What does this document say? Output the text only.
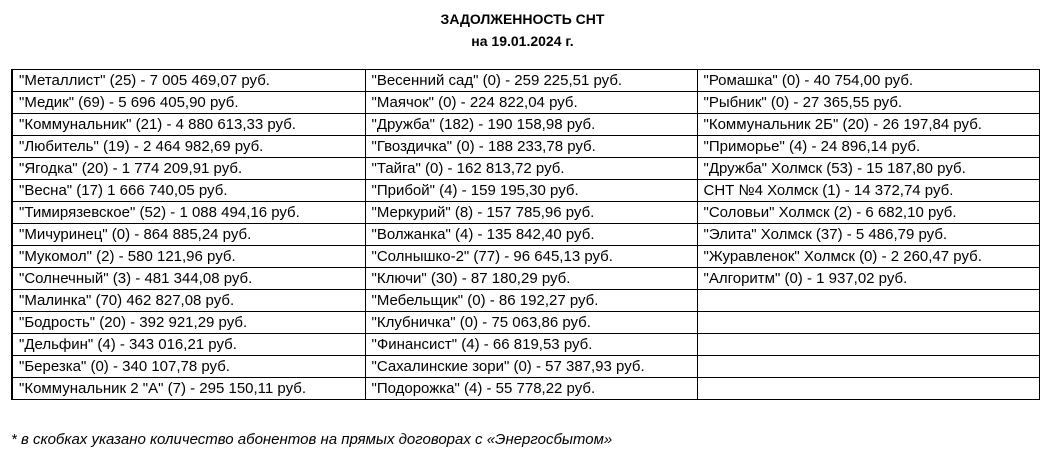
ЗАДОЛЖЕННОСТЬ СНТ
на 19.01.2024 г.
"Металлист" (25) - 7 005 469,07 руб.	"Весенний сад" (0) - 259 225,51 руб.	"Ромашка" (0) - 40 754,00 руб.
"Медик" (69) - 5 696 405,90 руб.	"Маячок" (0) - 224 822,04 руб.	"Рыбник" (0) - 27 365,55 руб.
"Коммунальник" (21) - 4 880 613,33 руб.	"Дружба" (182) - 190 158,98 руб.	"Коммунальник 2Б" (20) - 26 197,84 руб.
"Любитель" (19) - 2 464 982,69 руб.	"Гвоздичка" (0) - 188 233,78 руб.	"Приморье" (4) - 24 896,14 руб.
"Ягодка" (20) - 1 774 209,91 руб.	"Тайга" (0) - 162 813,72 руб.	"Дружба" Холмск (53) - 15 187,80 руб.
"Весна" (17) 1 666 740,05 руб.	"Прибой" (4) - 159 195,30 руб.	СНТ №4 Холмск (1) - 14 372,74 руб.
"Тимирязевское" (52) - 1 088 494,16 руб.	"Меркурий" (8) - 157 785,96 руб.	"Соловьи" Холмск (2) - 6 682,10 руб.
"Мичуринец" (0) - 864 885,24 руб.	"Волжанка" (4) - 135 842,40 руб.	"Элита" Холмск (37) - 5 486,79 руб.
"Мукомол" (2) - 580 121,96 руб.	"Солнышко-2" (77) - 96 645,13 руб.	"Журавленок" Холмск (0) - 2 260,47 руб.
"Солнечный" (3) - 481 344,08 руб.	"Ключи" (30) - 87 180,29 руб.	"Алгоритм" (0) - 1 937,02 руб.
"Малинка" (70) 462 827,08 руб.	"Мебельщик" (0) - 86 192,27 руб.	
"Бодрость" (20) - 392 921,29 руб.	"Клубничка" (0) - 75 063,86 руб.	
"Дельфин" (4) - 343 016,21 руб.	"Финансист" (4) - 66 819,53 руб.	
"Березка" (0) - 340 107,78 руб.	"Сахалинские зори" (0) - 57 387,93 руб.	
"Коммунальник 2 "А" (7) - 295 150,11 руб.	"Подорожка" (4) - 55 778,22 руб.	
* в скобках указано количество абонентов на прямых договорах с «Энергосбытом»
